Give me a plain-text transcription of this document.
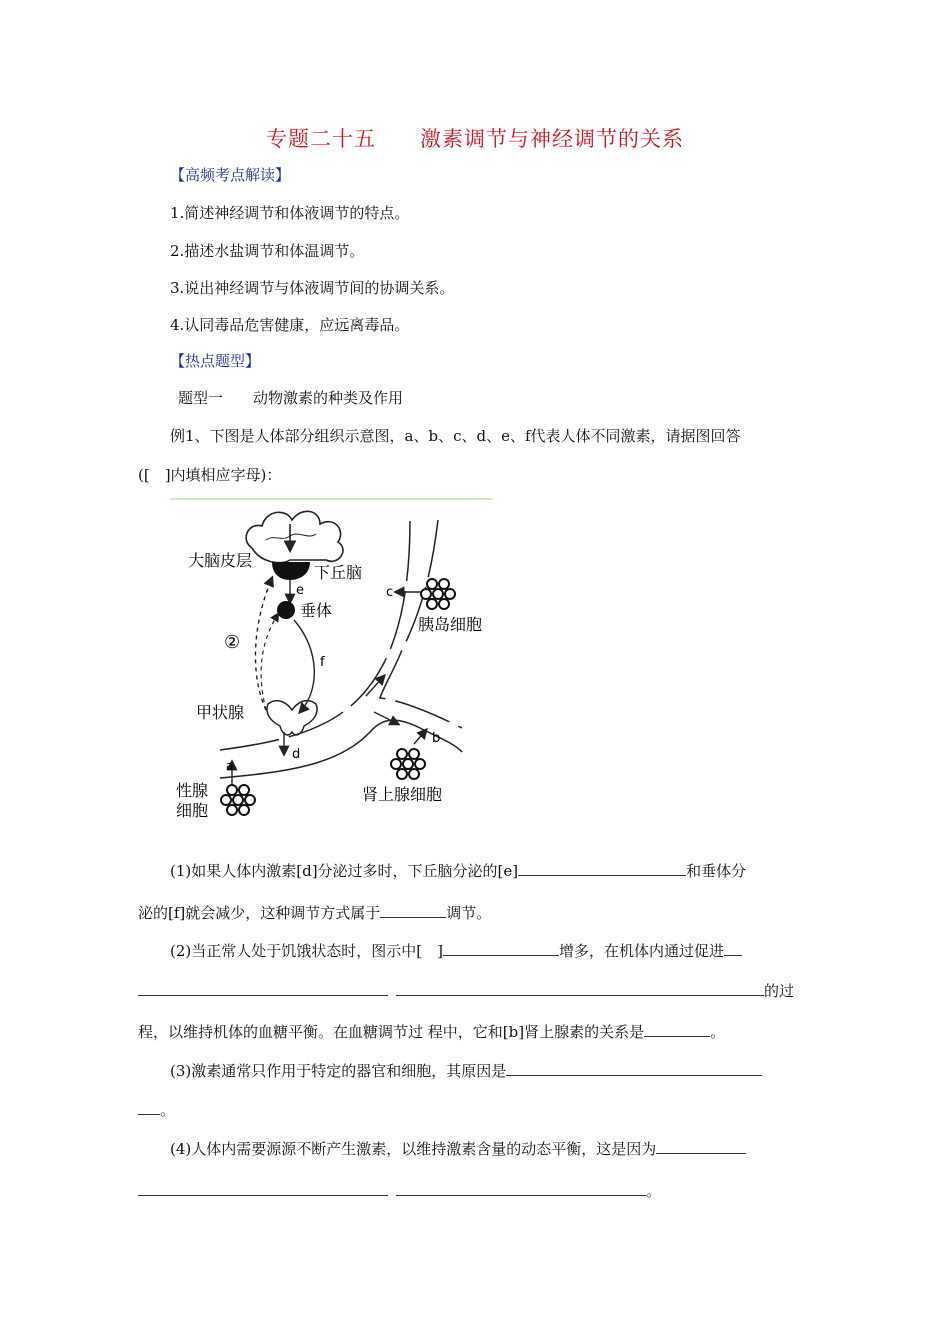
专题二十五　　激素调节与神经调节的关系
【高频考点解读】
1.简述神经调节和体液调节的特点。
2.描述水盐调节和体温调节。
3.说出神经调节与体液调节间的协调关系。
4.认同毒品危害健康，应远离毒品。
【热点题型】
题型一　　动物激素的种类及作用
例1、下图是人体部分组织示意图，a、b、c、d、e、f代表人体不同激素，请据图回答
([　]内填相应字母)：
大脑皮层
下丘脑
e
垂体
②
f
甲状腺
d
c
胰岛细胞
b
肾上腺细胞
a
性腺
细胞
(1)如果人体内激素[d]分泌过多时，下丘脑分泌的[e]	和垂体分
泌的[f]就会减少，这种调节方式属于	调节。
(2)当正常人处于饥饿状态时，图示中[　]	增多，在机体内通过促进
的过
程，以维持机体的血糖平衡。在血糖调节过 程中，它和[b]肾上腺素的关系是	。
(3)激素通常只作用于特定的器官和细胞，其原因是
。
(4)人体内需要源源不断产生激素，以维持激素含量的动态平衡，这是因为
。
